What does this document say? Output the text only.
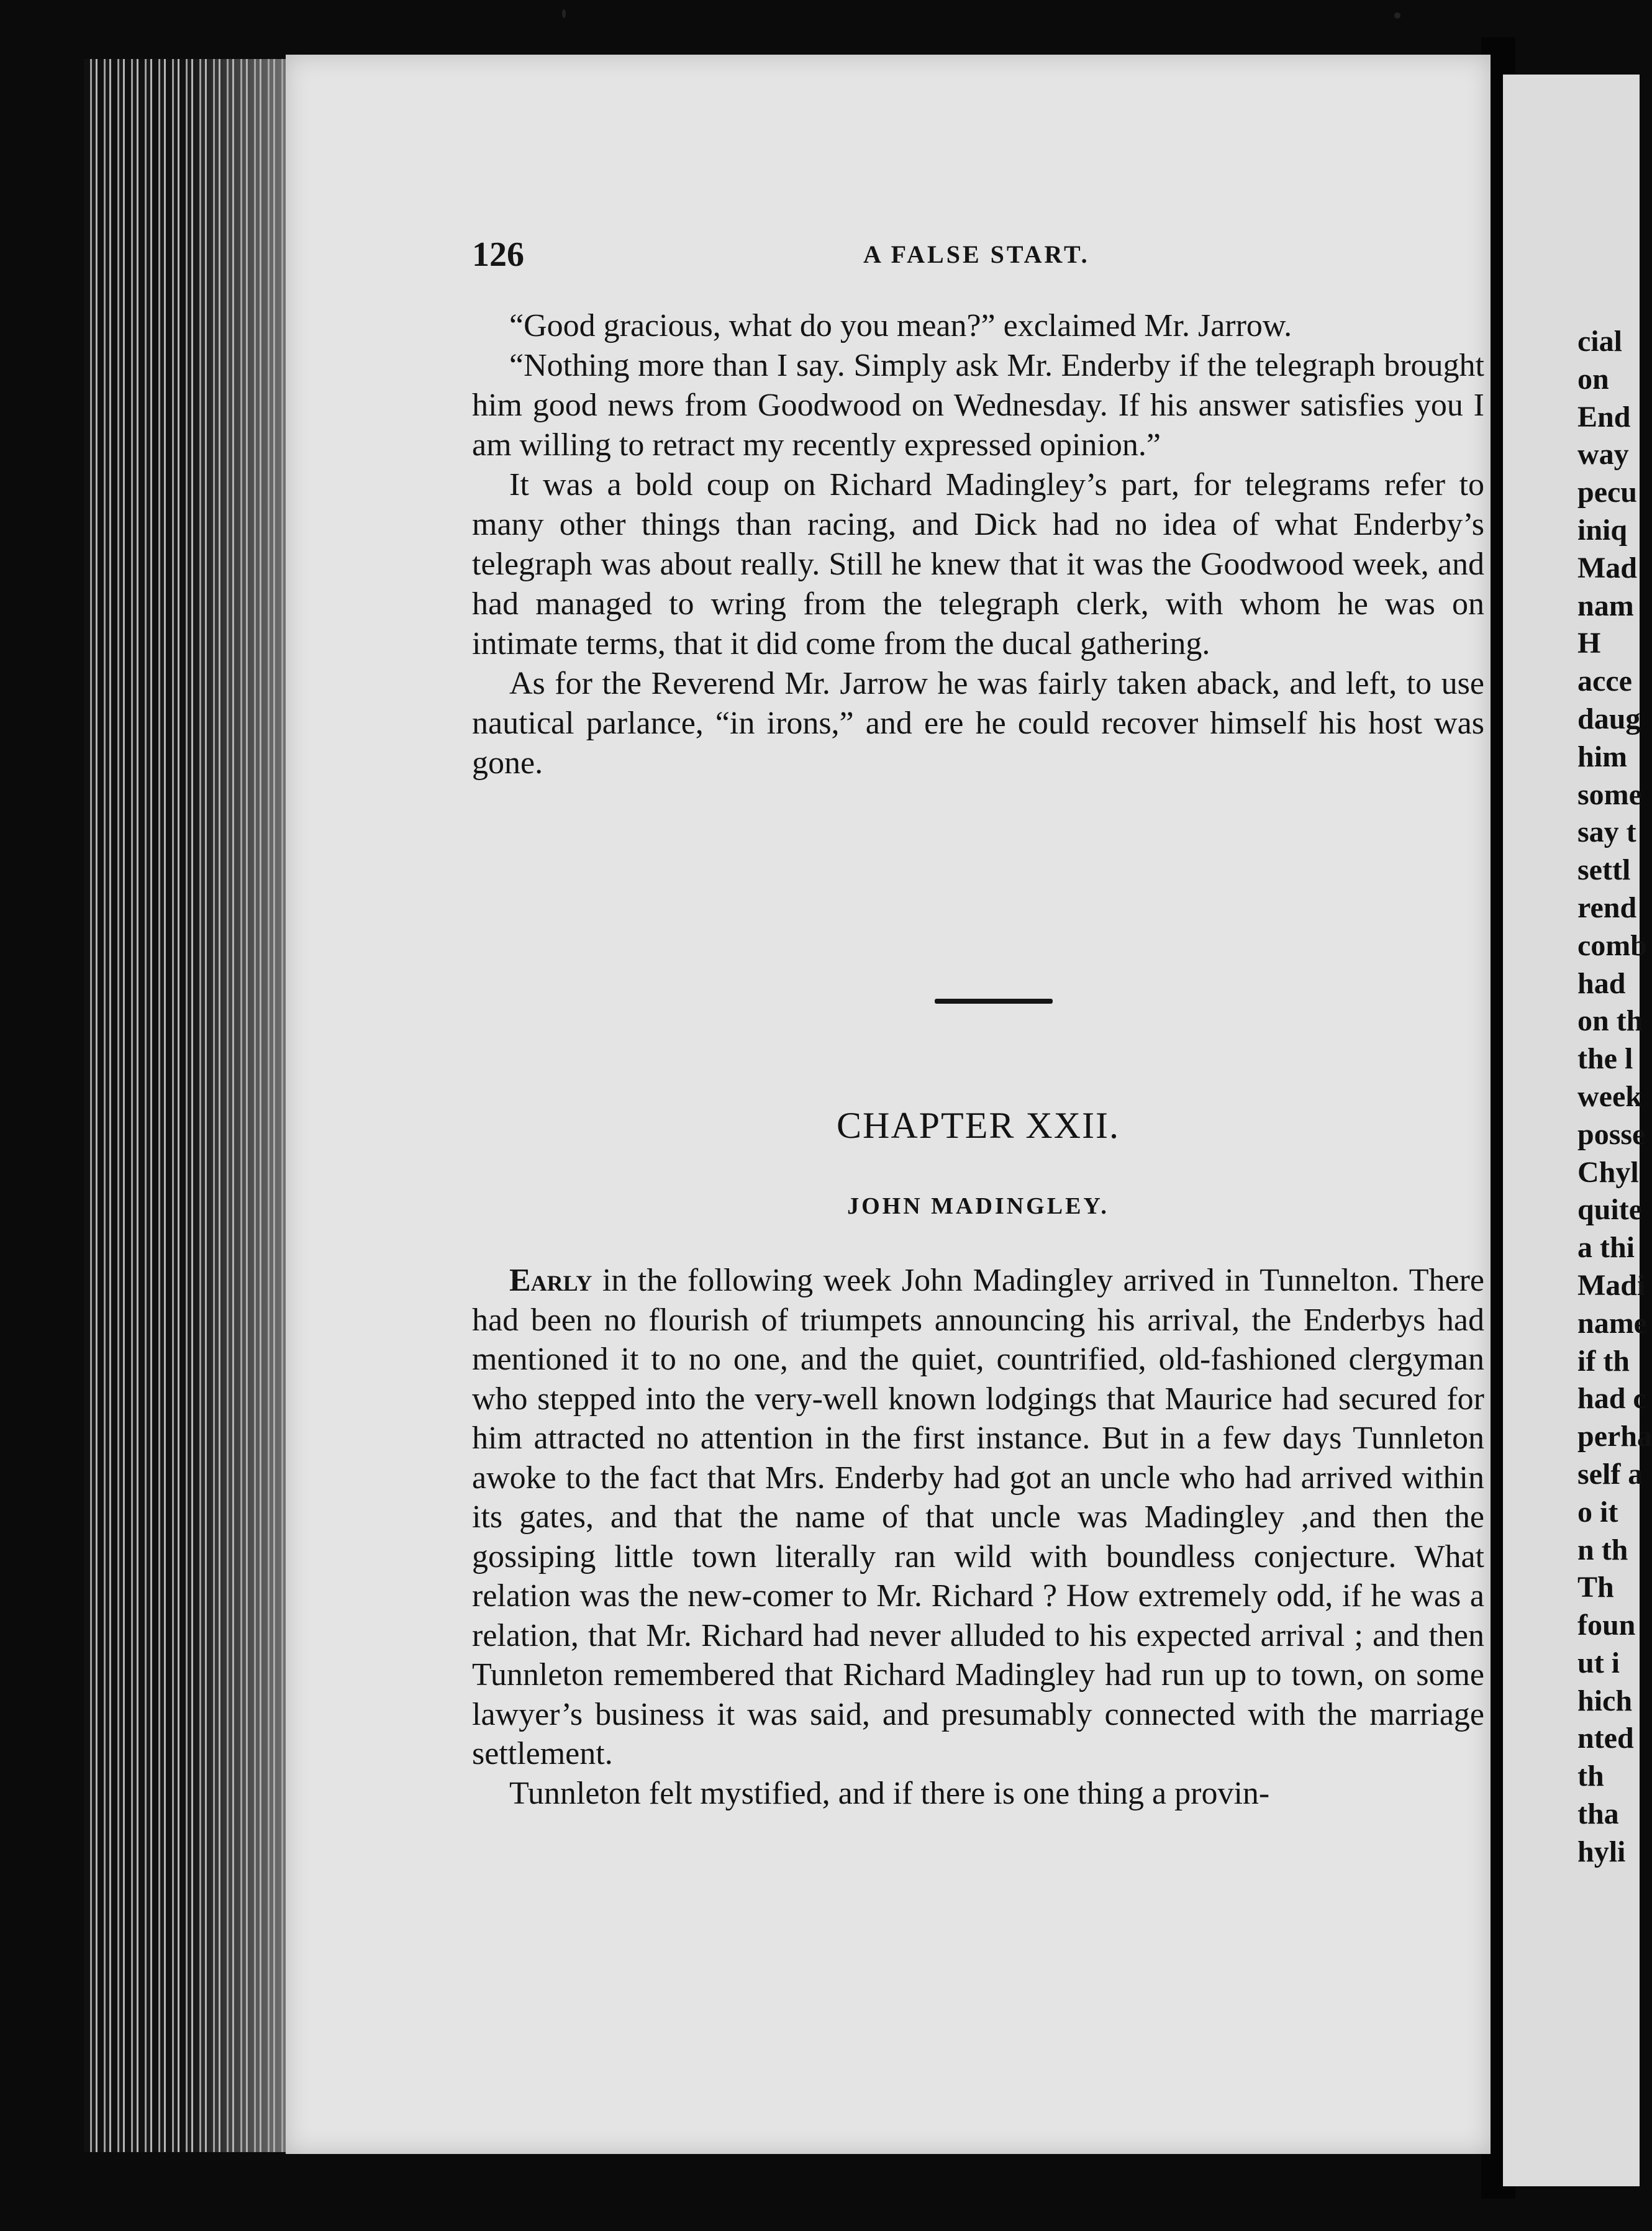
cial
on
End
way
pecu
iniq
Mad
nam
H
acce
daug
him
some
say t
settl
rend
comb
had
on th
the l
week
posse
Chyl
quite
a thi
Madi
name
if th
had c
perha
self a
o it
n th
Th
foun
ut i
hich
nted
th
tha
hyli
126	A FALSE START.

“Good gracious, what do you mean?” exclaimed Mr. Jarrow.

“Nothing more than I say. Simply ask Mr. Enderby if the telegraph brought him good news from Goodwood on Wednesday. If his answer satisfies you I am willing to retract my recently expressed opinion.”

It was a bold coup on Richard Madingley’s part, for telegrams refer to many other things than racing, and Dick had no idea of what Enderby’s telegraph was about really. Still he knew that it was the Goodwood week, and had managed to wring from the telegraph clerk, with whom he was on intimate terms, that it did come from the ducal gathering.

As for the Reverend Mr. Jarrow he was fairly taken aback, and left, to use nautical parlance, “in irons,” and ere he could recover himself his host was gone.

CHAPTER XXII.
JOHN MADINGLEY.

Early in the following week John Madingley arrived in Tunnelton. There had been no flourish of triumpets announcing his arrival, the Enderbys had mentioned it to no one, and the quiet, countrified, old-fashioned clergyman who stepped into the very-well known lodgings that Maurice had secured for him attracted no attention in the first instance. But in a few days Tunnleton awoke to the fact that Mrs. Enderby had got an uncle who had arrived within its gates, and that the name of that uncle was Madingley ,and then the gossiping little town literally ran wild with boundless conjecture. What relation was the new-comer to Mr. Richard ? How extremely odd, if he was a relation, that Mr. Richard had never alluded to his expected arrival ; and then Tunnleton remembered that Richard Madingley had run up to town, on some lawyer’s business it was said, and presumably connected with the marriage settlement.

Tunnleton felt mystified, and if there is one thing a provin-
